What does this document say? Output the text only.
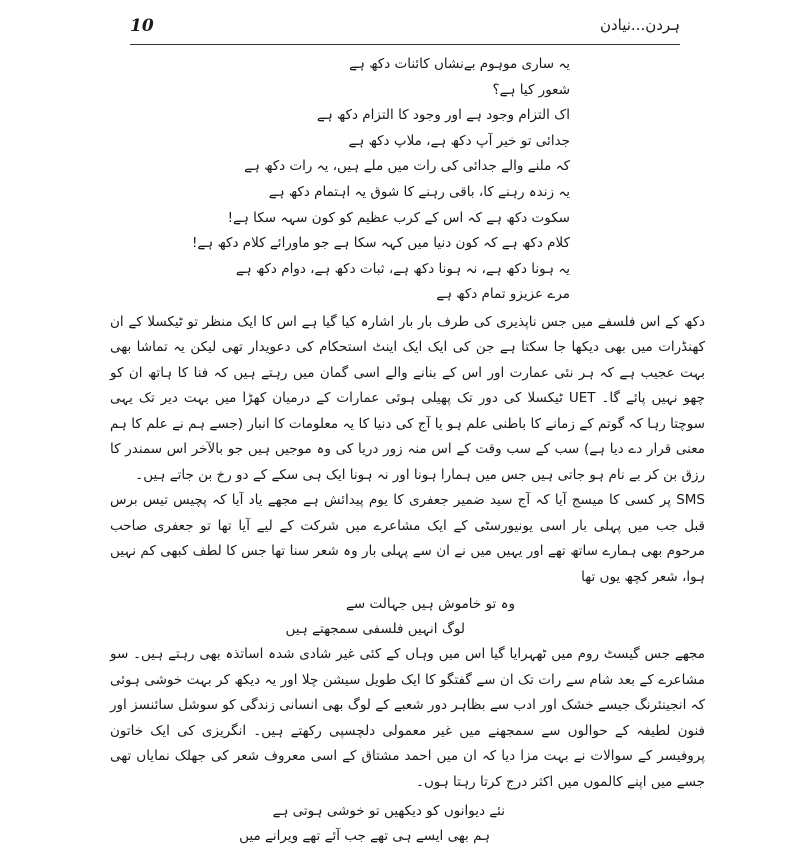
10	ہردن...نیادن

یہ ساری موہوم بےنشاں کائنات دکھ ہے

شعور کیا ہے؟

اک التزام وجود ہے اور وجود کا التزام دکھ ہے

جدائی تو خیر آپ دکھ ہے، ملاپ دکھ ہے

کہ ملنے والے جدائی کی رات میں ملے ہیں، یہ رات دکھ ہے

یہ زندہ رہنے کا، باقی رہنے کا شوق یہ اہتمام دکھ ہے

سکوت دکھ ہے کہ اس کے کرب عظیم کو کون سہہ سکا ہے!

کلام دکھ ہے کہ کون دنیا میں کہہ سکا ہے جو ماورائے کلام دکھ ہے!

یہ ہونا دکھ ہے، نہ ہونا دکھ ہے، ثبات دکھ ہے، دوام دکھ ہے

مرے عزیزو تمام دکھ ہے

دکھ کے اس فلسفے میں جس ناپذیری کی طرف بار بار اشارہ کیا گیا ہے اس کا ایک منظر تو ٹیکسلا کے ان کھنڈرات میں بھی دیکھا جا سکتا ہے جن کی ایک ایک اینٹ استحکام کی دعویدار تھی لیکن یہ تماشا بھی بہت عجیب ہے کہ ہر نئی عمارت اور اس کے بنانے والے اسی گمان میں رہتے ہیں کہ فنا کا ہاتھ ان کو چھو نہیں پائے گا۔ UET ٹیکسلا کی دور تک پھیلی ہوئی عمارات کے درمیان کھڑا میں بہت دیر تک یہی سوچتا رہا کہ گوتم کے زمانے کا باطنی علم ہو یا آج کی دنیا کا یہ معلومات کا انبار (جسے ہم نے علم کا ہم معنی قرار دے دیا ہے) سب کے سب وقت کے اس منہ زور دریا کی وہ موجیں ہیں جو بالآخر اس سمندر کا رزق بن کر بے نام ہو جاتی ہیں جس میں ہمارا ہونا اور نہ ہونا ایک ہی سکے کے دو رخ بن جاتے ہیں۔

SMS پر کسی کا میسج آیا کہ آج سید ضمیر جعفری کا یوم پیدائش ہے مجھے یاد آیا کہ پچیس تیس برس قبل جب میں پہلی بار اسی یونیورسٹی کے ایک مشاعرے میں شرکت کے لیے آیا تھا تو جعفری صاحب مرحوم بھی ہمارے ساتھ تھے اور یہیں میں نے ان سے پہلی بار وہ شعر سنا تھا جس کا لطف کبھی کم نہیں ہوا، شعر کچھ یوں تھا

وہ تو خاموش ہیں جہالت سے

لوگ انہیں فلسفی سمجھتے ہیں

مجھے جس گیسٹ روم میں ٹھہرایا گیا اس میں وہاں کے کئی غیر شادی شدہ اساتذہ بھی رہتے ہیں۔ سو مشاعرے کے بعد شام سے رات تک ان سے گفتگو کا ایک طویل سیشن چلا اور یہ دیکھ کر بہت خوشی ہوئی کہ انجینئرنگ جیسے خشک اور ادب سے بظاہر دور شعبے کے لوگ بھی انسانی زندگی کو سوشل سائنسز اور فنون لطیفہ کے حوالوں سے سمجھنے میں غیر معمولی دلچسپی رکھتے ہیں۔ انگریزی کی ایک خاتون پروفیسر کے سوالات نے بہت مزا دیا کہ ان میں احمد مشتاق کے اسی معروف شعر کی جھلک نمایاں تھی جسے میں اپنے کالموں میں اکثر درج کرتا رہتا ہوں۔

نئے دیوانوں کو دیکھیں تو خوشی ہوتی ہے

ہم بھی ایسے ہی تھے جب آئے تھے ویرانے میں
